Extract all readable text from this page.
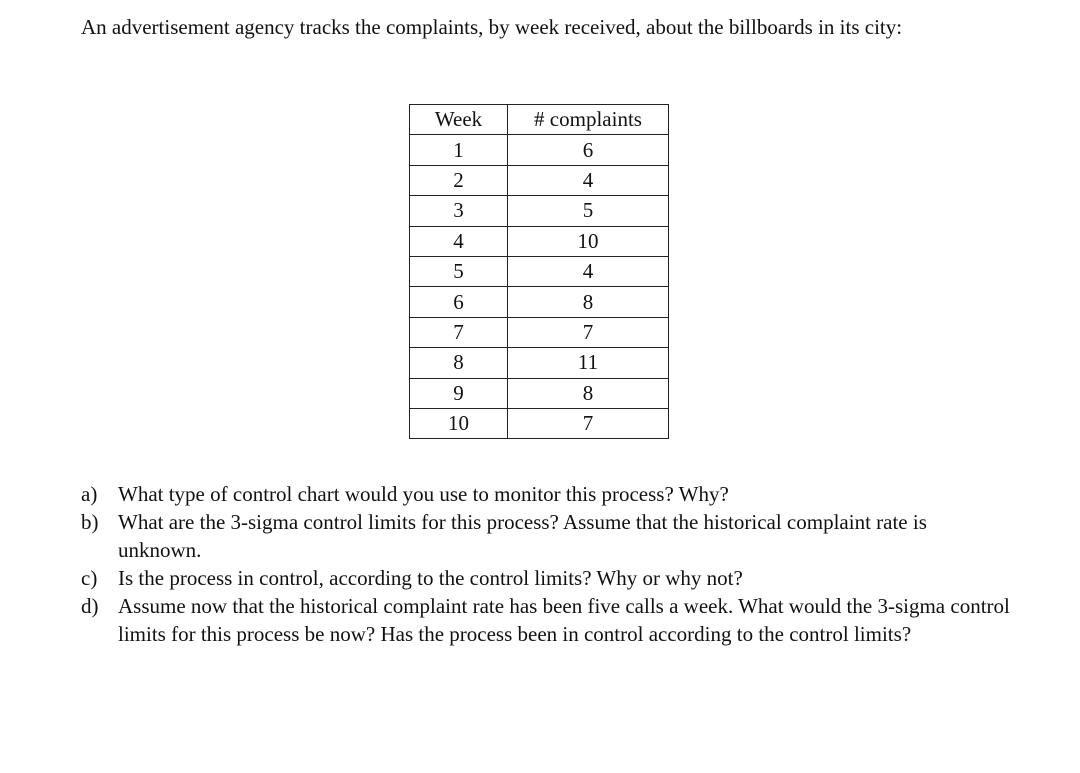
An advertisement agency tracks the complaints, by week received, about the billboards in its city:
Week	# complaints
1	6
2	4
3	5
4	10
5	4
6	8
7	7
8	11
9	8
10	7
a) What type of control chart would you use to monitor this process? Why?
b) What are the 3-sigma control limits for this process? Assume that the historical complaint rate is unknown.
c) Is the process in control, according to the control limits? Why or why not?
d) Assume now that the historical complaint rate has been five calls a week. What would the 3-sigma control limits for this process be now? Has the process been in control according to the control limits?
